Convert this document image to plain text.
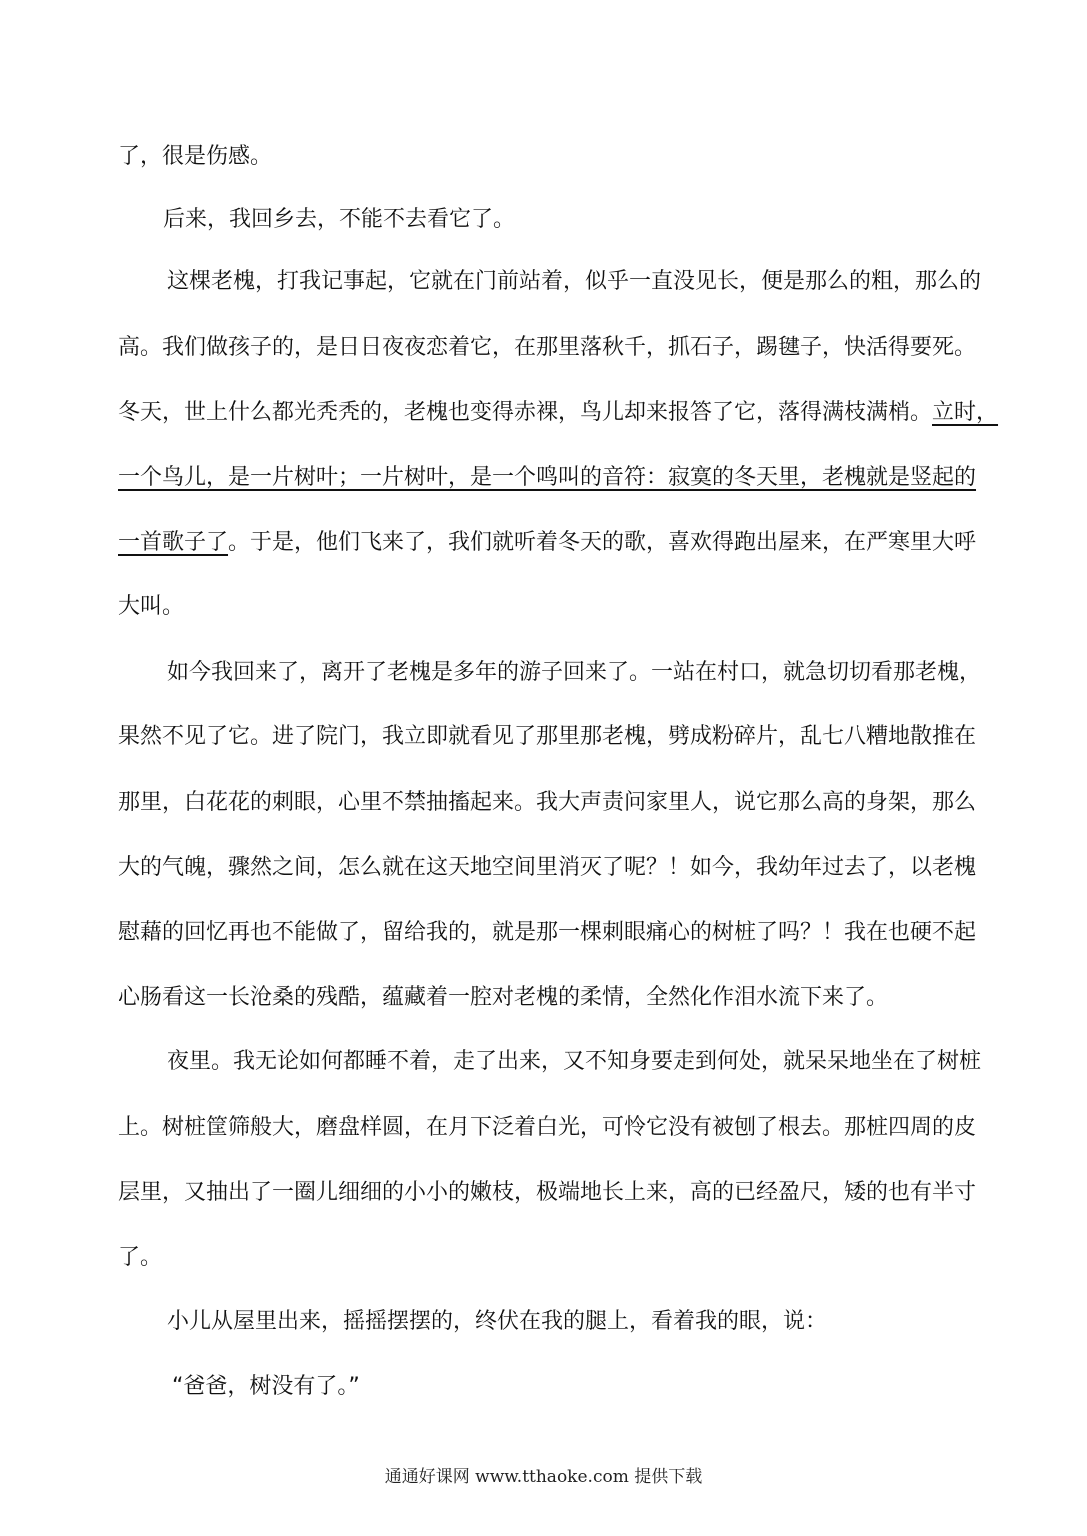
了，很是伤感。
后来，我回乡去，不能不去看它了。
这棵老槐，打我记事起，它就在门前站着，似乎一直没见长，便是那么的粗，那么的
高。我们做孩子的，是日日夜夜恋着它，在那里落秋千，抓石子，踢毽子，快活得要死。
冬天，世上什么都光秃秃的，老槐也变得赤裸，鸟儿却来报答了它，落得满枝满梢。立时，
一个鸟儿，是一片树叶；一片树叶，是一个鸣叫的音符：寂寞的冬天里，老槐就是竖起的
一首歌子了。于是，他们飞来了，我们就听着冬天的歌，喜欢得跑出屋来，在严寒里大呼
大叫。
如今我回来了，离开了老槐是多年的游子回来了。一站在村口，就急切切看那老槐，
果然不见了它。进了院门，我立即就看见了那里那老槐，劈成粉碎片，乱七八糟地散推在
那里，白花花的刺眼，心里不禁抽搐起来。我大声责问家里人，说它那么高的身架，那么
大的气魄，骤然之间，怎么就在这天地空间里消灭了呢？！如今，我幼年过去了，以老槐
慰藉的回忆再也不能做了，留给我的，就是那一棵刺眼痛心的树桩了吗？！我在也硬不起
心肠看这一长沧桑的残酷，蕴藏着一腔对老槐的柔情，全然化作泪水流下来了。
夜里。我无论如何都睡不着，走了出来，又不知身要走到何处，就呆呆地坐在了树桩
上。树桩筐筛般大，磨盘样圆，在月下泛着白光，可怜它没有被刨了根去。那桩四周的皮
层里，又抽出了一圈儿细细的小小的嫩枝，极端地长上来，高的已经盈尺，矮的也有半寸
了。
小儿从屋里出来，摇摇摆摆的，终伏在我的腿上，看着我的眼，说：
“爸爸，树没有了。”
通通好课网 www.tthaoke.com 提供下载
